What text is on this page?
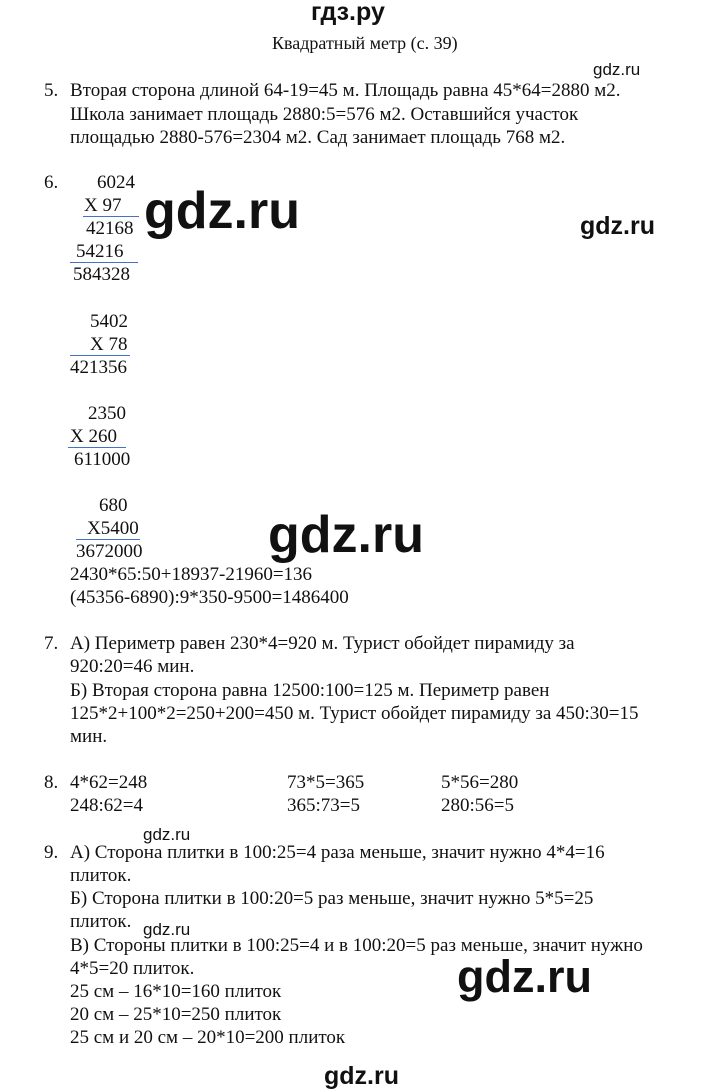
гдз.ру
Квадратный метр (с. 39)
gdz.ru
gdz.ru	gdz.ru
gdz.ru
gdz.ru
gdz.ru
gdz.ru
gdz.ru
5. Вторая сторона длиной 64-19=45 м. Площадь равна 45*64=2880 м2.
Школа занимает площадь 2880:5=576 м2. Оставшийся участок
площадью 2880-576=2304 м2. Сад занимает площадь 768 м2.
6. 6024
X 97
42168
54216
584328
5402
X 78
421356
2350
X 260
611000
680
X5400
3672000
2430*65:50+18937-21960=136
(45356-6890):9*350-9500=1486400
7. А) Периметр равен 230*4=920 м. Турист обойдет пирамиду за
920:20=46 мин.
Б) Вторая сторона равна 12500:100=125 м. Периметр равен
125*2+100*2=250+200=450 м. Турист обойдет пирамиду за 450:30=15
мин.
8. 4*62=248
248:62=4
73*5=365
365:73=5
5*56=280
280:56=5
9. А) Сторона плитки в 100:25=4 раза меньше, значит нужно 4*4=16
плиток.
Б) Сторона плитки в 100:20=5 раз меньше, значит нужно 5*5=25
плиток.
В) Стороны плитки в 100:25=4 и в 100:20=5 раз меньше, значит нужно
4*5=20 плиток.
25 см – 16*10=160 плиток
20 см – 25*10=250 плиток
25 см и 20 см – 20*10=200 плиток
